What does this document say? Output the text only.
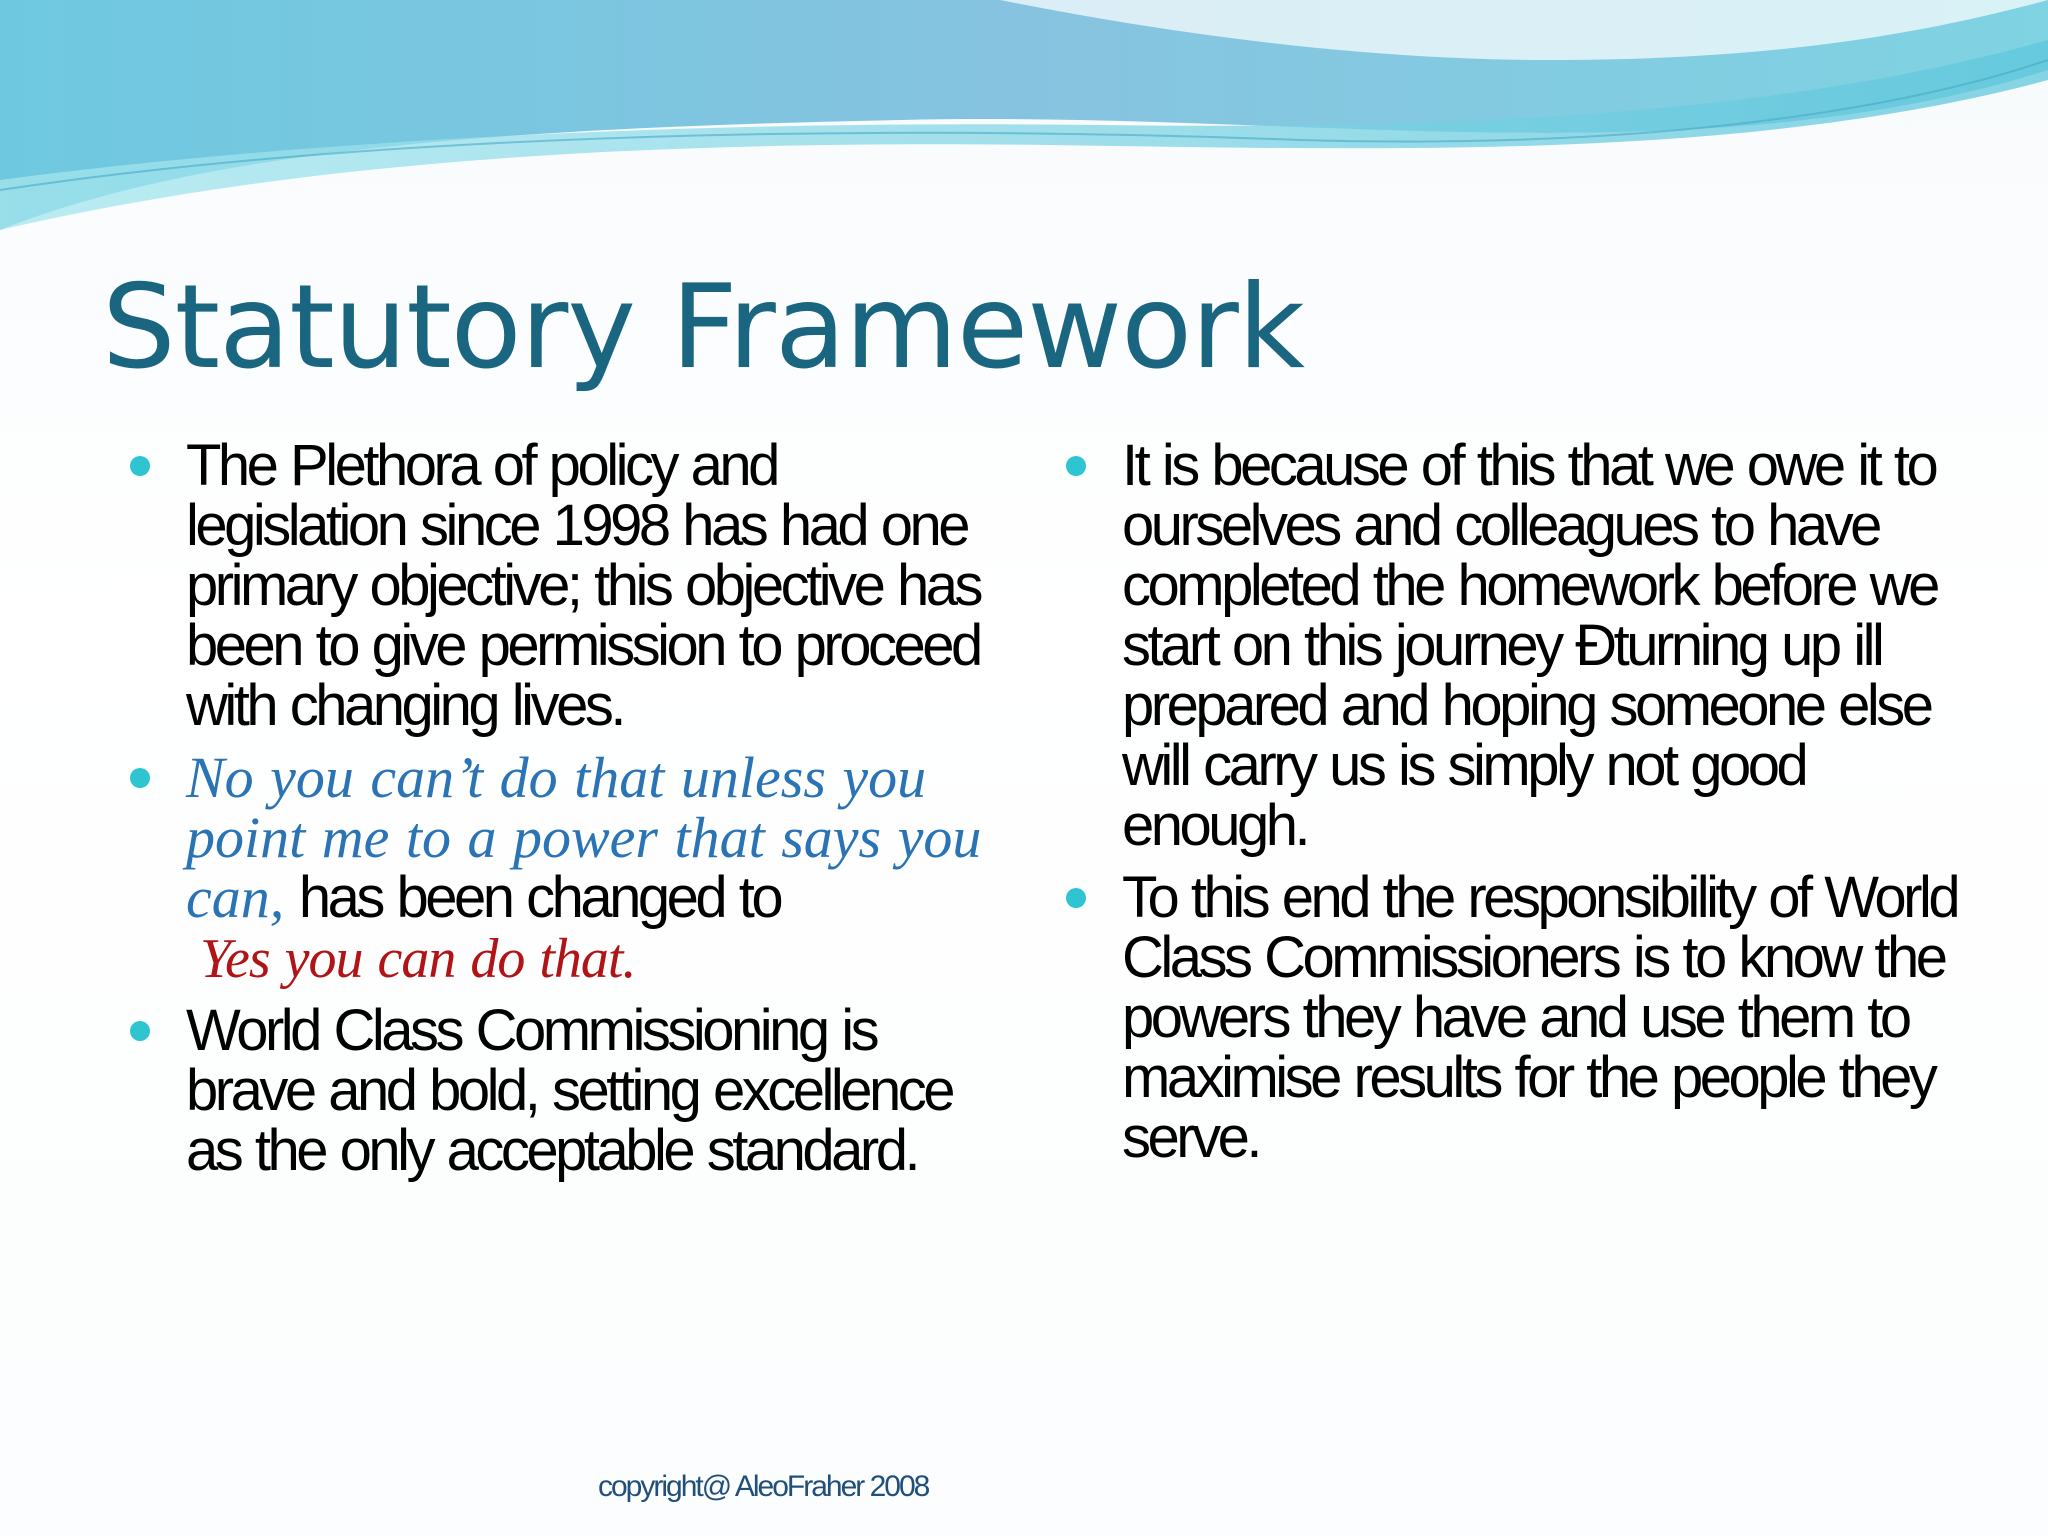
Statutory Framework
The Plethora of policy and legislation since 1998 has had one primary objective; this objective has been to give permission to proceed with changing lives.
No you can’t do that unless you point me to a power that says you can, has been changed to Yes you can do that.
World Class Commissioning is brave and bold, setting excellence as the only acceptable standard.
It is because of this that we owe it to ourselves and colleagues to have completed the homework before we start on this journey Ðturning up ill prepared and hoping someone else will carry us is simply not good enough.
To this end the responsibility of World Class Commissioners is to know the powers they have and use them to maximise results for the people they serve.
copyright@ AleoFraher 2008
